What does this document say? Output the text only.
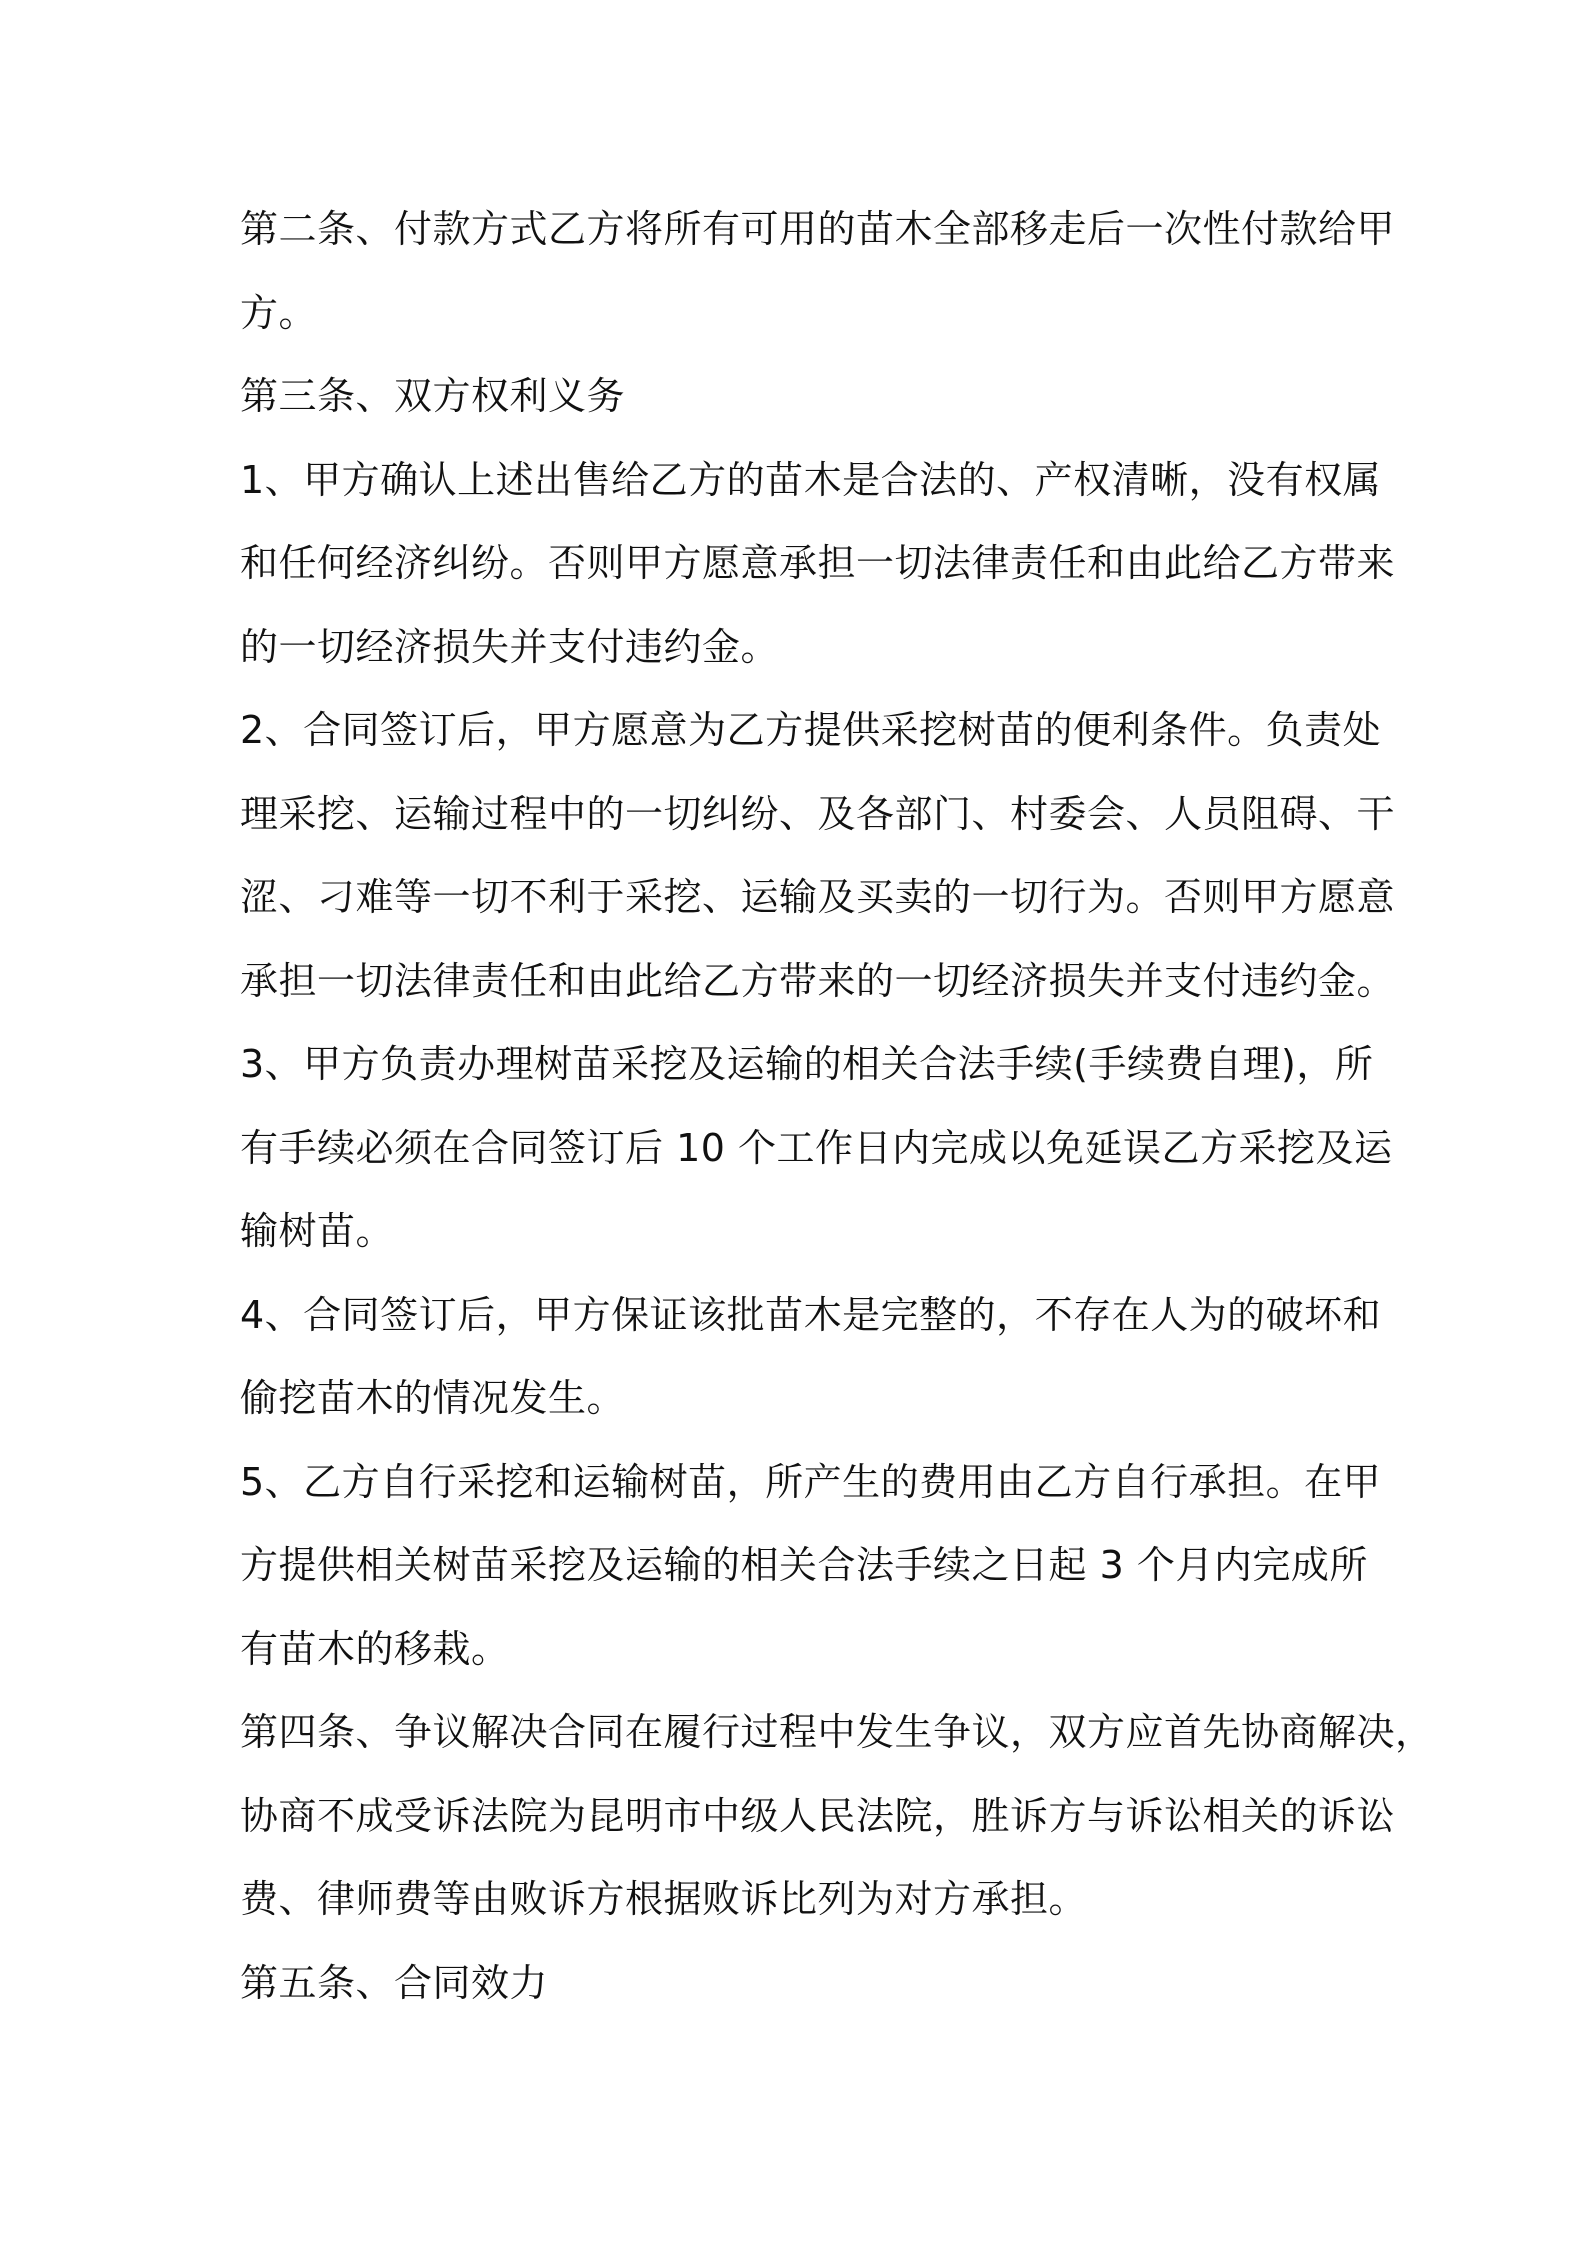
第二条、付款方式乙方将所有可用的苗木全部移走后一次性付款给甲
方。
第三条、双方权利义务
1、甲方确认上述出售给乙方的苗木是合法的、产权清晰，没有权属
和任何经济纠纷。否则甲方愿意承担一切法律责任和由此给乙方带来
的一切经济损失并支付违约金。
2、合同签订后，甲方愿意为乙方提供采挖树苗的便利条件。负责处
理采挖、运输过程中的一切纠纷、及各部门、村委会、人员阻碍、干
涩、刁难等一切不利于采挖、运输及买卖的一切行为。否则甲方愿意
承担一切法律责任和由此给乙方带来的一切经济损失并支付违约金。
3、甲方负责办理树苗采挖及运输的相关合法手续(手续费自理)，所
有手续必须在合同签订后 10 个工作日内完成以免延误乙方采挖及运
输树苗。
4、合同签订后，甲方保证该批苗木是完整的，不存在人为的破坏和
偷挖苗木的情况发生。
5、乙方自行采挖和运输树苗，所产生的费用由乙方自行承担。在甲
方提供相关树苗采挖及运输的相关合法手续之日起 3 个月内完成所
有苗木的移栽。
第四条、争议解决合同在履行过程中发生争议，双方应首先协商解决，
协商不成受诉法院为昆明市中级人民法院，胜诉方与诉讼相关的诉讼
费、律师费等由败诉方根据败诉比列为对方承担。
第五条、合同效力
